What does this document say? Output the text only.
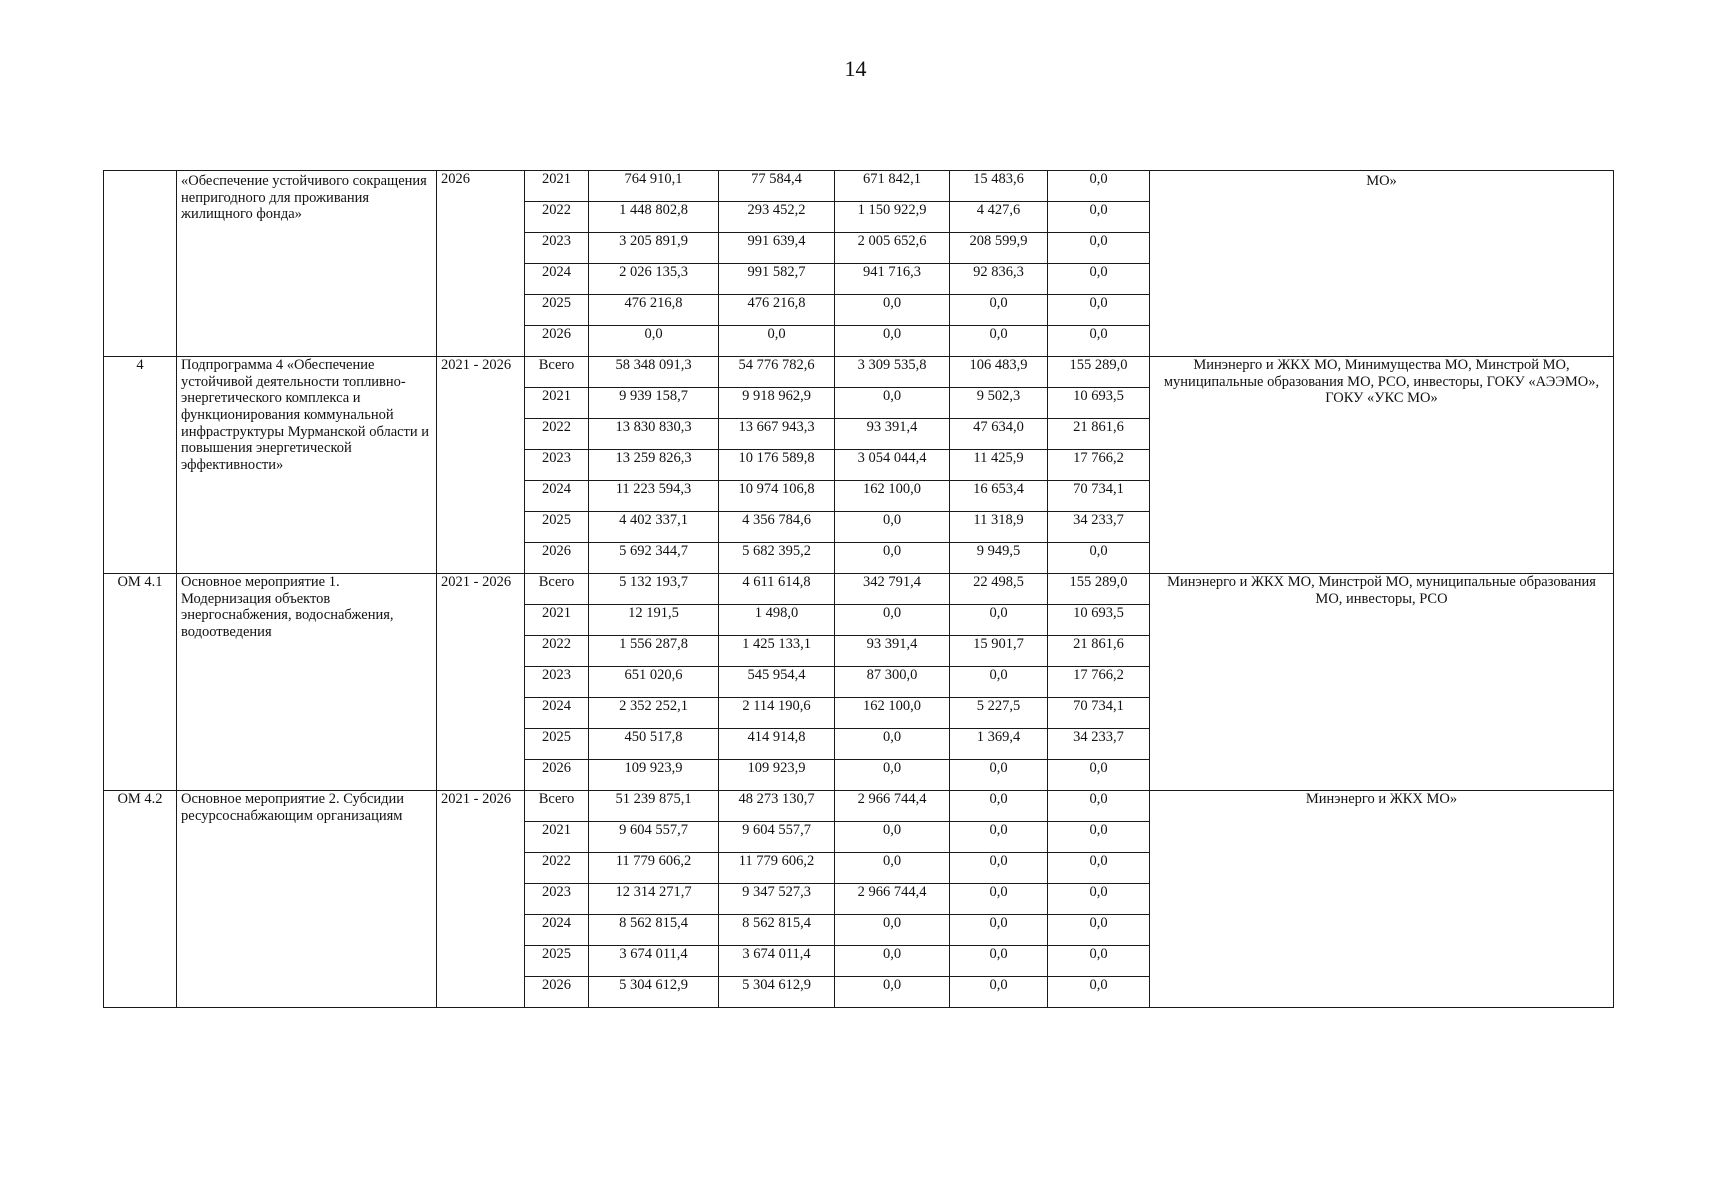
14
	«Обеспечение устойчивого сокращения непригодного для проживания жилищного фонда»	2026	2021	764 910,1	77 584,4	671 842,1	15 483,6	0,0	МО»
			2022	1 448 802,8	293 452,2	1 150 922,9	4 427,6	0,0	
			2023	3 205 891,9	991 639,4	2 005 652,6	208 599,9	0,0	
			2024	2 026 135,3	991 582,7	941 716,3	92 836,3	0,0	
			2025	476 216,8	476 216,8	0,0	0,0	0,0	
			2026	0,0	0,0	0,0	0,0	0,0	
4	Подпрограмма 4 «Обеспечение устойчивой деятельности топливно-энергетического комплекса и функционирования коммунальной инфраструктуры Мурманской области и повышения энергетической эффективности»	2021 - 2026	Всего	58 348 091,3	54 776 782,6	3 309 535,8	106 483,9	155 289,0	Минэнерго и ЖКХ МО, Минимущества МО, Минстрой МО, муниципальные образования МО, РСО, инвесторы, ГОКУ «АЭЭМО», ГОКУ «УКС МО»
			2021	9 939 158,7	9 918 962,9	0,0	9 502,3	10 693,5	
			2022	13 830 830,3	13 667 943,3	93 391,4	47 634,0	21 861,6	
			2023	13 259 826,3	10 176 589,8	3 054 044,4	11 425,9	17 766,2	
			2024	11 223 594,3	10 974 106,8	162 100,0	16 653,4	70 734,1	
			2025	4 402 337,1	4 356 784,6	0,0	11 318,9	34 233,7	
			2026	5 692 344,7	5 682 395,2	0,0	9 949,5	0,0	
ОМ 4.1	Основное мероприятие 1. Модернизация объектов энергоснабжения, водоснабжения, водоотведения	2021 - 2026	Всего	5 132 193,7	4 611 614,8	342 791,4	22 498,5	155 289,0	Минэнерго и ЖКХ МО, Минстрой МО, муниципальные образования МО, инвесторы, РСО
			2021	12 191,5	1 498,0	0,0	0,0	10 693,5	
			2022	1 556 287,8	1 425 133,1	93 391,4	15 901,7	21 861,6	
			2023	651 020,6	545 954,4	87 300,0	0,0	17 766,2	
			2024	2 352 252,1	2 114 190,6	162 100,0	5 227,5	70 734,1	
			2025	450 517,8	414 914,8	0,0	1 369,4	34 233,7	
			2026	109 923,9	109 923,9	0,0	0,0	0,0	
ОМ 4.2	Основное мероприятие 2. Субсидии ресурсоснабжающим организациям	2021 - 2026	Всего	51 239 875,1	48 273 130,7	2 966 744,4	0,0	0,0	Минэнерго и ЖКХ МО»
			2021	9 604 557,7	9 604 557,7	0,0	0,0	0,0	
			2022	11 779 606,2	11 779 606,2	0,0	0,0	0,0	
			2023	12 314 271,7	9 347 527,3	2 966 744,4	0,0	0,0	
			2024	8 562 815,4	8 562 815,4	0,0	0,0	0,0	
			2025	3 674 011,4	3 674 011,4	0,0	0,0	0,0	
			2026	5 304 612,9	5 304 612,9	0,0	0,0	0,0	
